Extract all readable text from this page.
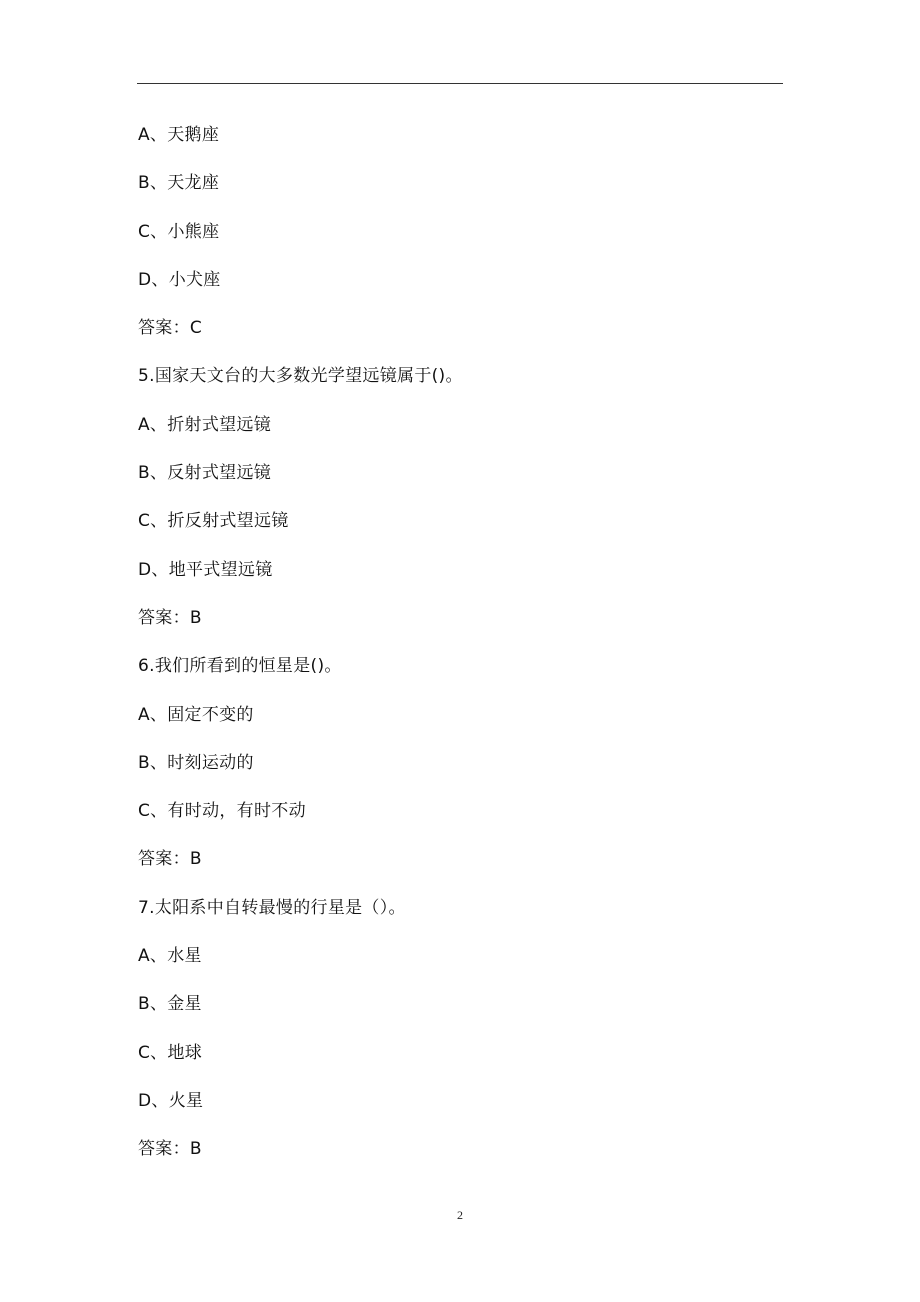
A、天鹅座
B、天龙座
C、小熊座
D、小犬座
答案：C
5.国家天文台的大多数光学望远镜属于()。
A、折射式望远镜
B、反射式望远镜
C、折反射式望远镜
D、地平式望远镜
答案：B
6.我们所看到的恒星是()。
A、固定不变的
B、时刻运动的
C、有时动，有时不动
答案：B
7.太阳系中自转最慢的行星是（）。
A、水星
B、金星
C、地球
D、火星
答案：B
2
